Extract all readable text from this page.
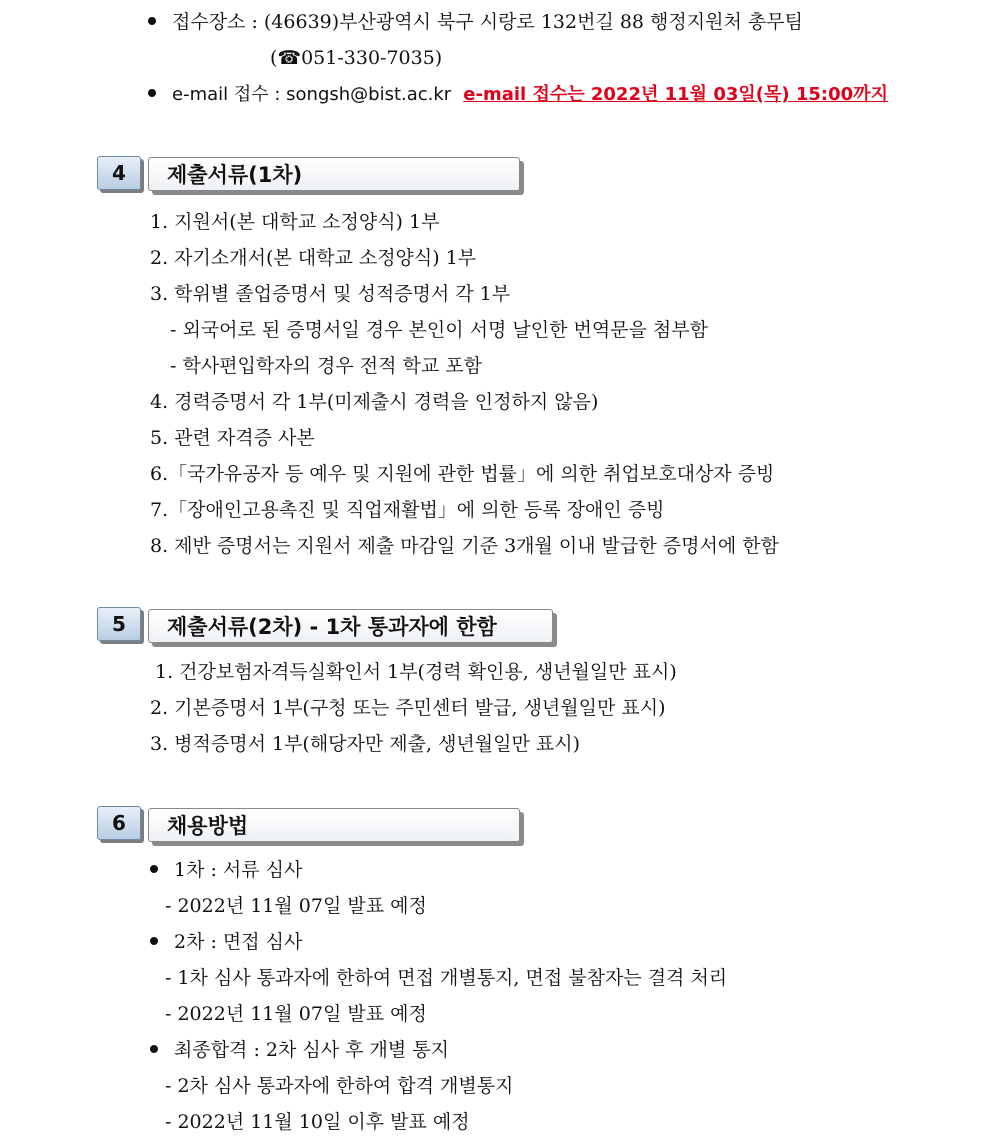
접수장소 : (46639)부산광역시 북구 시랑로 132번길 88 행정지원처 총무팀
(☎051-330-7035)
e-mail 접수 : songsh@bist.ac.kr e-mail 접수는 2022년 11월 03일(목) 15:00까지
4	제출서류(1차)
1. 지원서(본 대학교 소정양식) 1부
2. 자기소개서(본 대학교 소정양식) 1부
3. 학위별 졸업증명서 및 성적증명서 각 1부
- 외국어로 된 증명서일 경우 본인이 서명 날인한 번역문을 첨부함
- 학사편입학자의 경우 전적 학교 포함
4. 경력증명서 각 1부(미제출시 경력을 인정하지 않음)
5. 관련 자격증 사본
6.「국가유공자 등 예우 및 지원에 관한 법률」에 의한 취업보호대상자 증빙
7.「장애인고용촉진 및 직업재활법」에 의한 등록 장애인 증빙
8. 제반 증명서는 지원서 제출 마감일 기준 3개월 이내 발급한 증명서에 한함
5	제출서류(2차) - 1차 통과자에 한함
1. 건강보험자격득실확인서 1부(경력 확인용, 생년월일만 표시)
2. 기본증명서 1부(구청 또는 주민센터 발급, 생년월일만 표시)
3. 병적증명서 1부(해당자만 제출, 생년월일만 표시)
6	채용방법
1차 : 서류 심사
- 2022년 11월 07일 발표 예정
2차 : 면접 심사
- 1차 심사 통과자에 한하여 면접 개별통지, 면접 불참자는 결격 처리
- 2022년 11월 07일 발표 예정
최종합격 : 2차 심사 후 개별 통지
- 2차 심사 통과자에 한하여 합격 개별통지
- 2022년 11월 10일 이후 발표 예정
